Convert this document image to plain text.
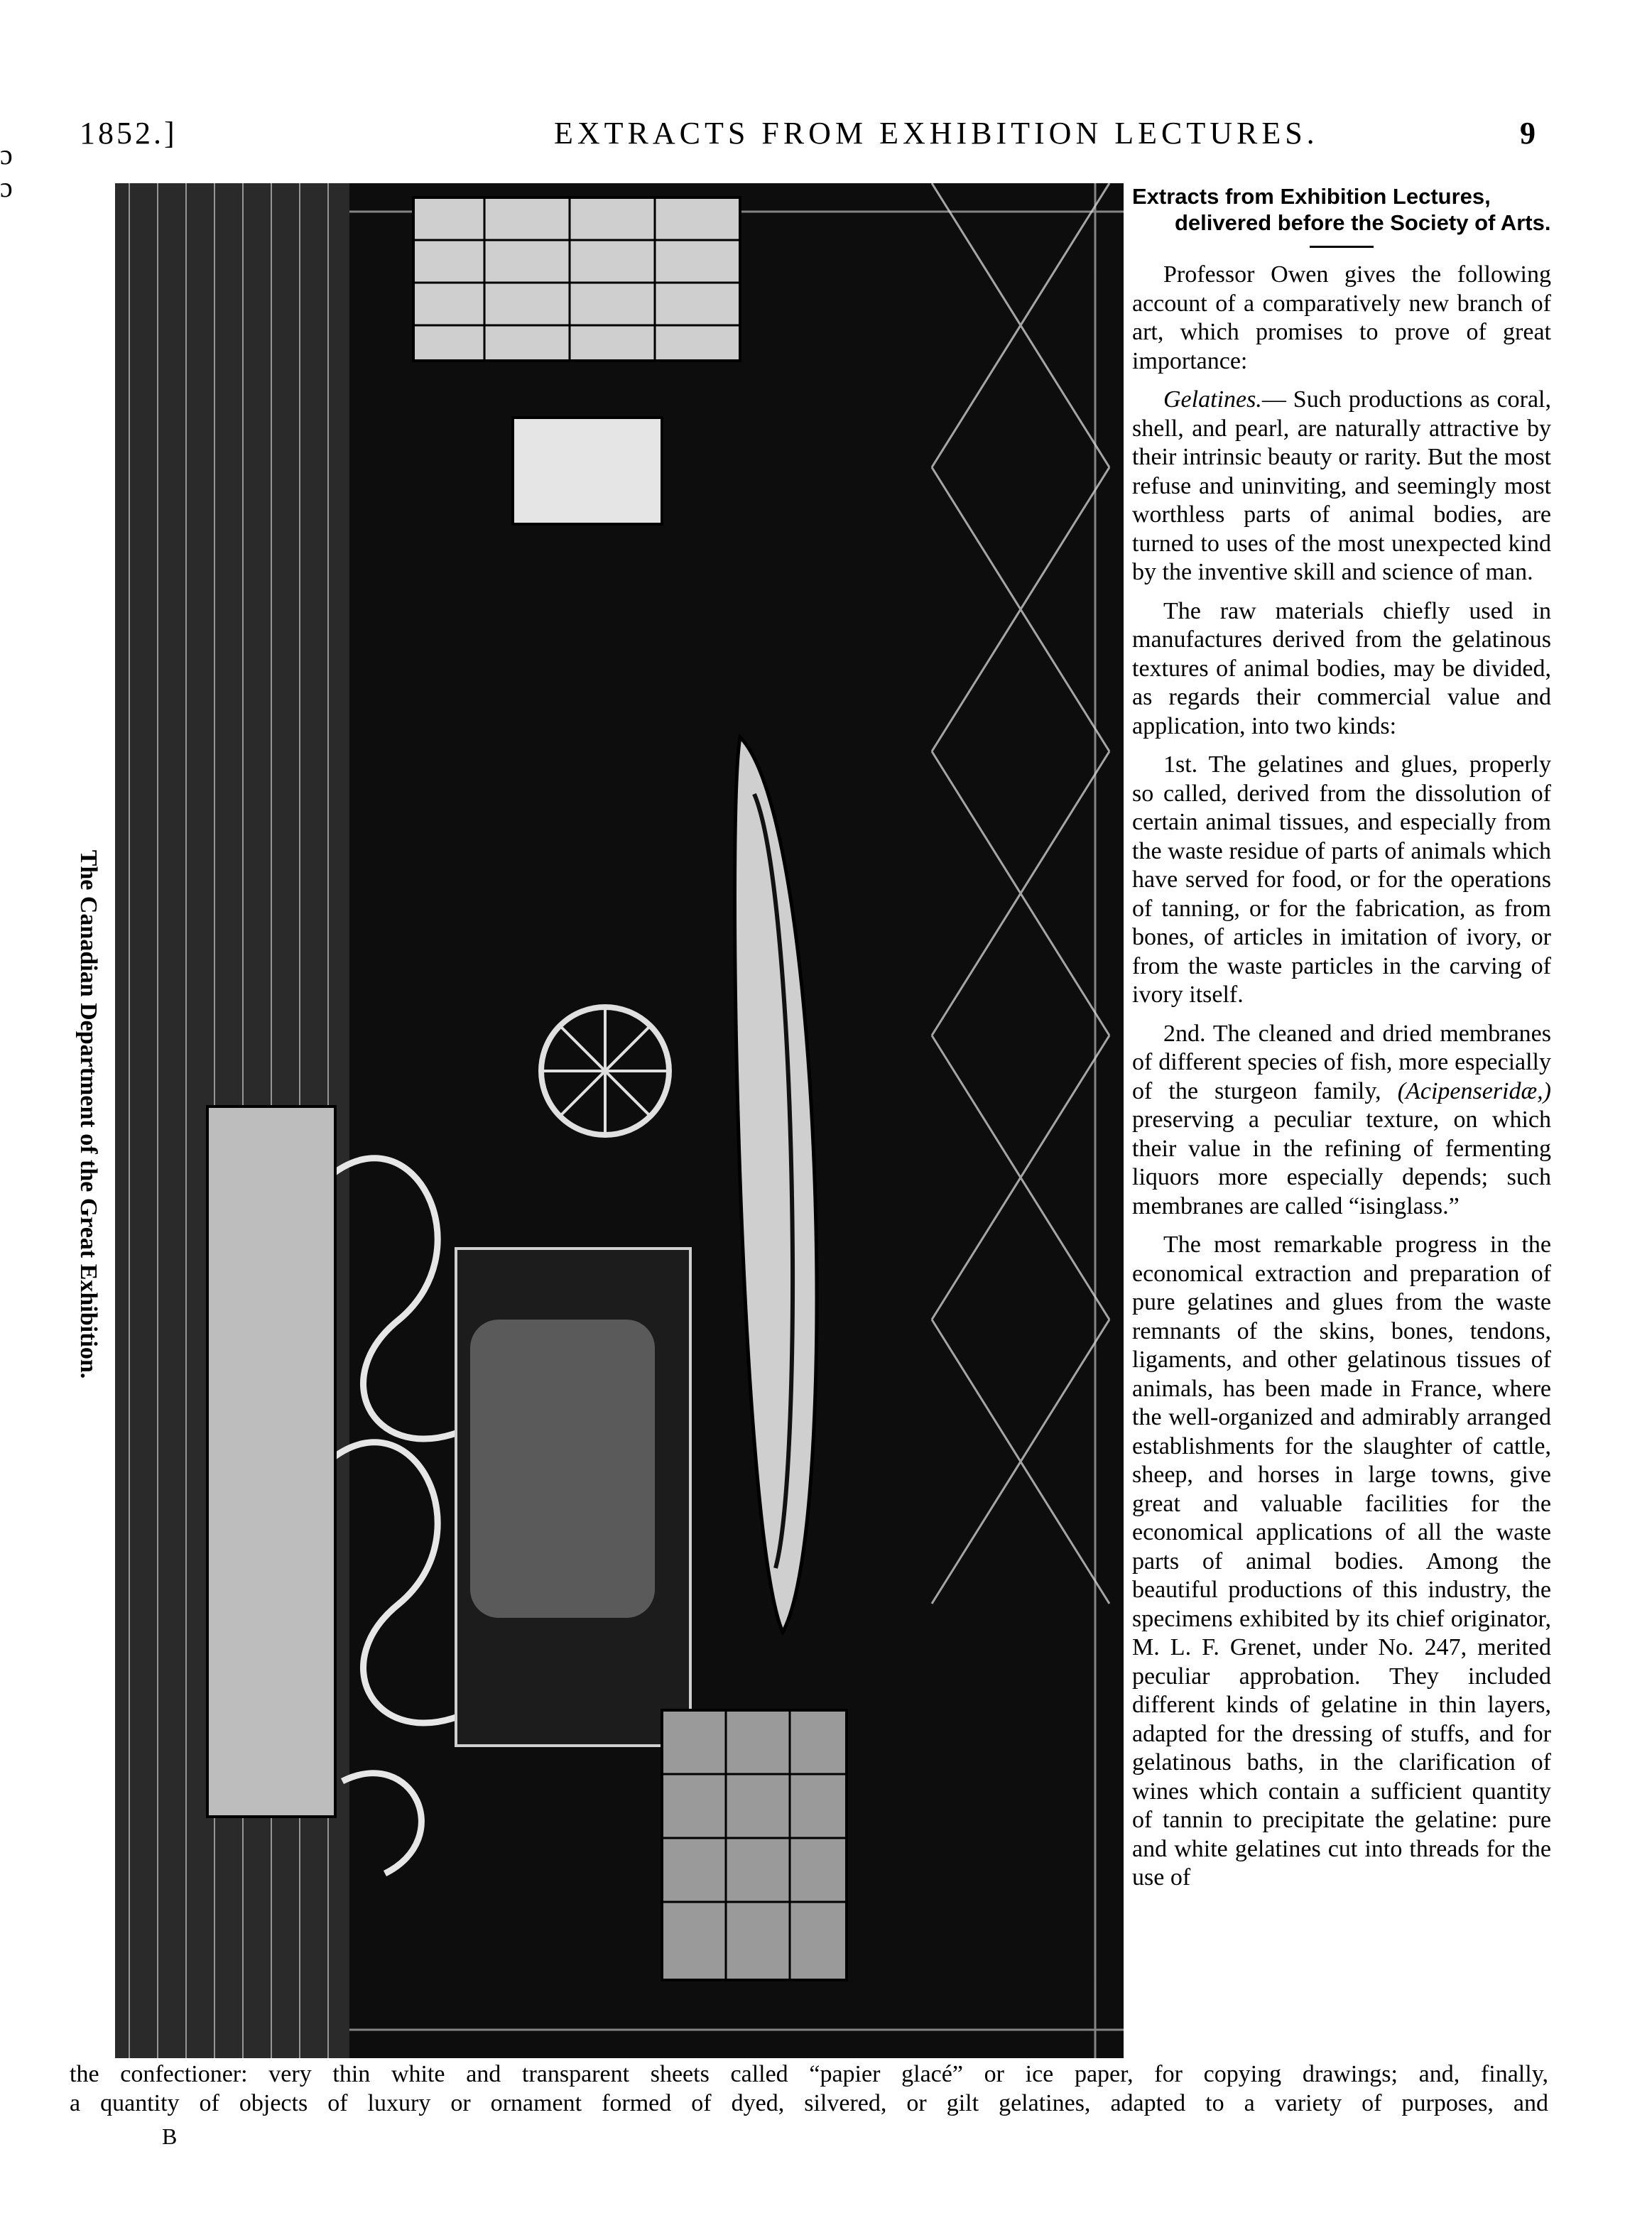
1852.]	EXTRACTS FROM EXHIBITION LECTURES.	9
ɔ
ɔ
The Canadian Department of the Great Exhibition.

Extracts from Exhibition Lectures, delivered before the Society of Arts.

Professor Owen gives the following account of a comparatively new branch of art, which promises to prove of great importance:

Gelatines.— Such productions as coral, shell, and pearl, are naturally attractive by their intrinsic beauty or rarity. But the most refuse and uninviting, and seemingly most worthless parts of animal bodies, are turned to uses of the most unexpected kind by the inventive skill and science of man.

The raw materials chiefly used in manufactures derived from the gelatinous textures of animal bodies, may be divided, as regards their commercial value and application, into two kinds:

1st. The gelatines and glues, properly so called, derived from the dissolution of certain animal tissues, and especially from the waste residue of parts of animals which have served for food, or for the operations of tanning, or for the fabrication, as from bones, of articles in imitation of ivory, or from the waste particles in the carving of ivory itself.

2nd. The cleaned and dried membranes of different species of fish, more especially of the sturgeon family, (Acipenseridæ,) preserving a peculiar texture, on which their value in the refining of fermenting liquors more especially depends; such membranes are called “isinglass.”

The most remarkable progress in the economical extraction and preparation of pure gelatines and glues from the waste remnants of the skins, bones, tendons, ligaments, and other gelatinous tissues of animals, has been made in France, where the well-organized and admirably arranged establishments for the slaughter of cattle, sheep, and horses in large towns, give great and valuable facilities for the economical applications of all the waste parts of animal bodies. Among the beautiful productions of this industry, the specimens exhibited by its chief originator, M. L. F. Grenet, under No. 247, merited peculiar approbation. They included different kinds of gelatine in thin layers, adapted for the dressing of stuffs, and for gelatinous baths, in the clarification of wines which contain a sufficient quantity of tannin to precipitate the gelatine: pure and white gelatines cut into threads for the use of

the confectioner: very thin white and transparent sheets called “papier glacé” or ice paper, for copying drawings; and, finally,

a quantity of objects of luxury or ornament formed of dyed, silvered, or gilt gelatines, adapted to a variety of purposes, and

B
